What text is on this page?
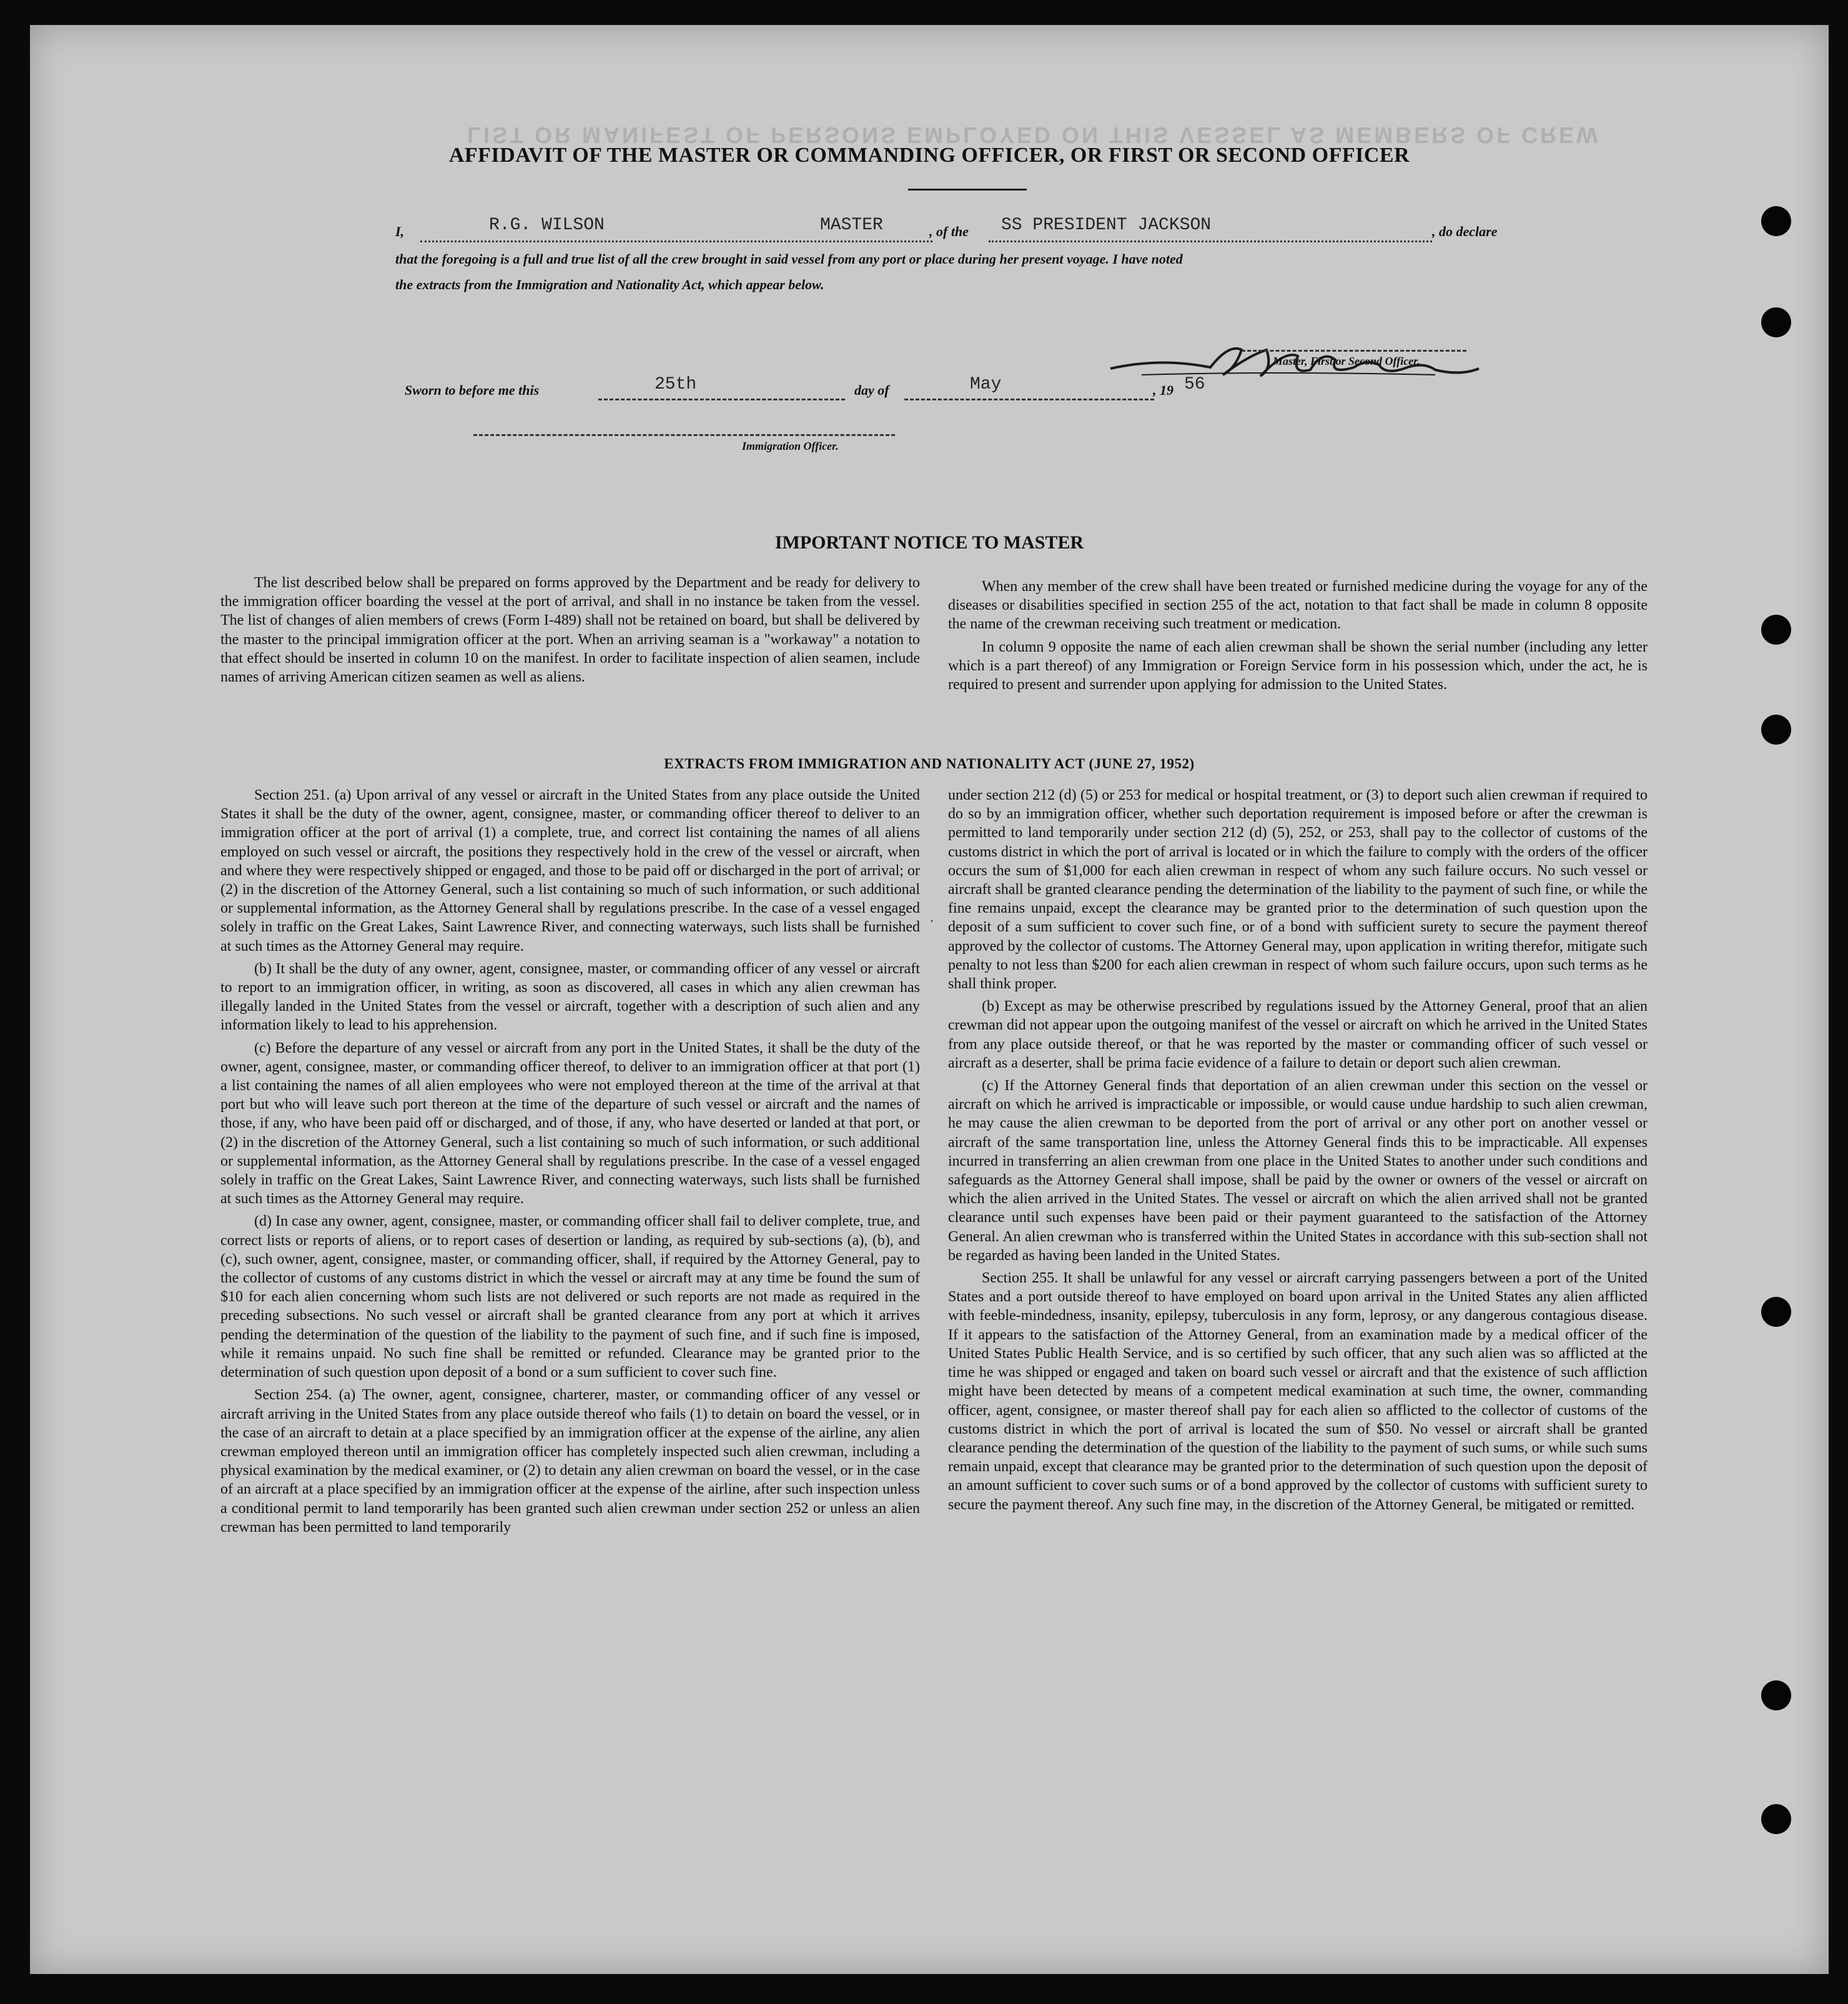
LIST OR MANIFEST OF PERSONS EMPLOYED ON THIS VESSEL AS MEMBERS OF CREW
AFFIDAVIT OF THE MASTER OR COMMANDING OFFICER, OR FIRST OR SECOND OFFICER
I,	R.G. WILSON	MASTER	, of the SS PRESIDENT JACKSON	, do declare
that the foregoing is a full and true list of all the crew brought in said vessel from any port or place during her present voyage. I have noted
the extracts from the Immigration and Nationality Act, which appear below.
Master, First or Second Officer.
Sworn to before me this	25th	day of	May	, 19 56
Immigration Officer.
IMPORTANT NOTICE TO MASTER

The list described below shall be prepared on forms approved by the Department and be ready for delivery to the immigration officer boarding the vessel at the port of arrival, and shall in no instance be taken from the vessel. The list of changes of alien members of crews (Form I-489) shall not be retained on board, but shall be delivered by the master to the principal immigration officer at the port. When an arriving seaman is a "workaway" a notation to that effect should be inserted in column 10 on the manifest. In order to facilitate inspection of alien seamen, include names of arriving American citizen seamen as well as aliens.

When any member of the crew shall have been treated or furnished medicine during the voyage for any of the diseases or disabilities specified in section 255 of the act, notation to that fact shall be made in column 8 opposite the name of the crewman receiving such treatment or medication.

In column 9 opposite the name of each alien crewman shall be shown the serial number (including any letter which is a part thereof) of any Immigration or Foreign Service form in his possession which, under the act, he is required to present and surrender upon applying for admission to the United States.

EXTRACTS FROM IMMIGRATION AND NATIONALITY ACT (JUNE 27, 1952)

Section 251. (a) Upon arrival of any vessel or aircraft in the United States from any place outside the United States it shall be the duty of the owner, agent, consignee, master, or commanding officer thereof to deliver to an immigration officer at the port of arrival (1) a complete, true, and correct list containing the names of all aliens employed on such vessel or aircraft, the positions they respectively hold in the crew of the vessel or aircraft, when and where they were respectively shipped or engaged, and those to be paid off or discharged in the port of arrival; or (2) in the discretion of the Attorney General, such a list containing so much of such information, or such additional or supplemental information, as the Attorney General shall by regulations prescribe. In the case of a vessel engaged solely in traffic on the Great Lakes, Saint Lawrence River, and connecting waterways, such lists shall be furnished at such times as the Attorney General may require.

(b) It shall be the duty of any owner, agent, consignee, master, or commanding officer of any vessel or aircraft to report to an immigration officer, in writing, as soon as discovered, all cases in which any alien crewman has illegally landed in the United States from the vessel or aircraft, together with a description of such alien and any information likely to lead to his apprehension.

(c) Before the departure of any vessel or aircraft from any port in the United States, it shall be the duty of the owner, agent, consignee, master, or commanding officer thereof, to deliver to an immigration officer at that port (1) a list containing the names of all alien employees who were not employed thereon at the time of the arrival at that port but who will leave such port thereon at the time of the departure of such vessel or aircraft and the names of those, if any, who have been paid off or discharged, and of those, if any, who have deserted or landed at that port, or (2) in the discretion of the Attorney General, such a list containing so much of such information, or such additional or supplemental information, as the Attorney General shall by regulations prescribe. In the case of a vessel engaged solely in traffic on the Great Lakes, Saint Lawrence River, and connecting waterways, such lists shall be furnished at such times as the Attorney General may require.

(d) In case any owner, agent, consignee, master, or commanding officer shall fail to deliver complete, true, and correct lists or reports of aliens, or to report cases of desertion or landing, as required by sub-sections (a), (b), and (c), such owner, agent, consignee, master, or commanding officer, shall, if required by the Attorney General, pay to the collector of customs of any customs district in which the vessel or aircraft may at any time be found the sum of $10 for each alien concerning whom such lists are not delivered or such reports are not made as required in the preceding subsections. No such vessel or aircraft shall be granted clearance from any port at which it arrives pending the determination of the question of the liability to the payment of such fine, and if such fine is imposed, while it remains unpaid. No such fine shall be remitted or refunded. Clearance may be granted prior to the determination of such question upon deposit of a bond or a sum sufficient to cover such fine.

Section 254. (a) The owner, agent, consignee, charterer, master, or commanding officer of any vessel or aircraft arriving in the United States from any place outside thereof who fails (1) to detain on board the vessel, or in the case of an aircraft to detain at a place specified by an immigration officer at the expense of the airline, any alien crewman employed thereon until an immigration officer has completely inspected such alien crewman, including a physical examination by the medical examiner, or (2) to detain any alien crewman on board the vessel, or in the case of an aircraft at a place specified by an immigration officer at the expense of the airline, after such inspection unless a conditional permit to land temporarily has been granted such alien crewman under section 252 or unless an alien crewman has been permitted to land temporarily

under section 212 (d) (5) or 253 for medical or hospital treatment, or (3) to deport such alien crewman if required to do so by an immigration officer, whether such deportation requirement is imposed before or after the crewman is permitted to land temporarily under section 212 (d) (5), 252, or 253, shall pay to the collector of customs of the customs district in which the port of arrival is located or in which the failure to comply with the orders of the officer occurs the sum of $1,000 for each alien crewman in respect of whom any such failure occurs. No such vessel or aircraft shall be granted clearance pending the determination of the liability to the payment of such fine, or while the fine remains unpaid, except the clearance may be granted prior to the determination of such question upon the deposit of a sum sufficient to cover such fine, or of a bond with sufficient surety to secure the payment thereof approved by the collector of customs. The Attorney General may, upon application in writing therefor, mitigate such penalty to not less than $200 for each alien crewman in respect of whom such failure occurs, upon such terms as he shall think proper.

(b) Except as may be otherwise prescribed by regulations issued by the Attorney General, proof that an alien crewman did not appear upon the outgoing manifest of the vessel or aircraft on which he arrived in the United States from any place outside thereof, or that he was reported by the master or commanding officer of such vessel or aircraft as a deserter, shall be prima facie evidence of a failure to detain or deport such alien crewman.

(c) If the Attorney General finds that deportation of an alien crewman under this section on the vessel or aircraft on which he arrived is impracticable or impossible, or would cause undue hardship to such alien crewman, he may cause the alien crewman to be deported from the port of arrival or any other port on another vessel or aircraft of the same transportation line, unless the Attorney General finds this to be impracticable. All expenses incurred in transferring an alien crewman from one place in the United States to another under such conditions and safeguards as the Attorney General shall impose, shall be paid by the owner or owners of the vessel or aircraft on which the alien arrived in the United States. The vessel or aircraft on which the alien arrived shall not be granted clearance until such expenses have been paid or their payment guaranteed to the satisfaction of the Attorney General. An alien crewman who is transferred within the United States in accordance with this sub-section shall not be regarded as having been landed in the United States.

Section 255. It shall be unlawful for any vessel or aircraft carrying passengers between a port of the United States and a port outside thereof to have employed on board upon arrival in the United States any alien afflicted with feeble-mindedness, insanity, epilepsy, tuberculosis in any form, leprosy, or any dangerous contagious disease. If it appears to the satisfaction of the Attorney General, from an examination made by a medical officer of the United States Public Health Service, and is so certified by such officer, that any such alien was so afflicted at the time he was shipped or engaged and taken on board such vessel or aircraft and that the existence of such affliction might have been detected by means of a competent medical examination at such time, the owner, commanding officer, agent, consignee, or master thereof shall pay for each alien so afflicted to the collector of customs of the customs district in which the port of arrival is located the sum of $50. No vessel or aircraft shall be granted clearance pending the determination of the question of the liability to the payment of such sums, or while such sums remain unpaid, except that clearance may be granted prior to the determination of such question upon the deposit of an amount sufficient to cover such sums or of a bond approved by the collector of customs with sufficient surety to secure the payment thereof. Any such fine may, in the discretion of the Attorney General, be mitigated or remitted.

·
